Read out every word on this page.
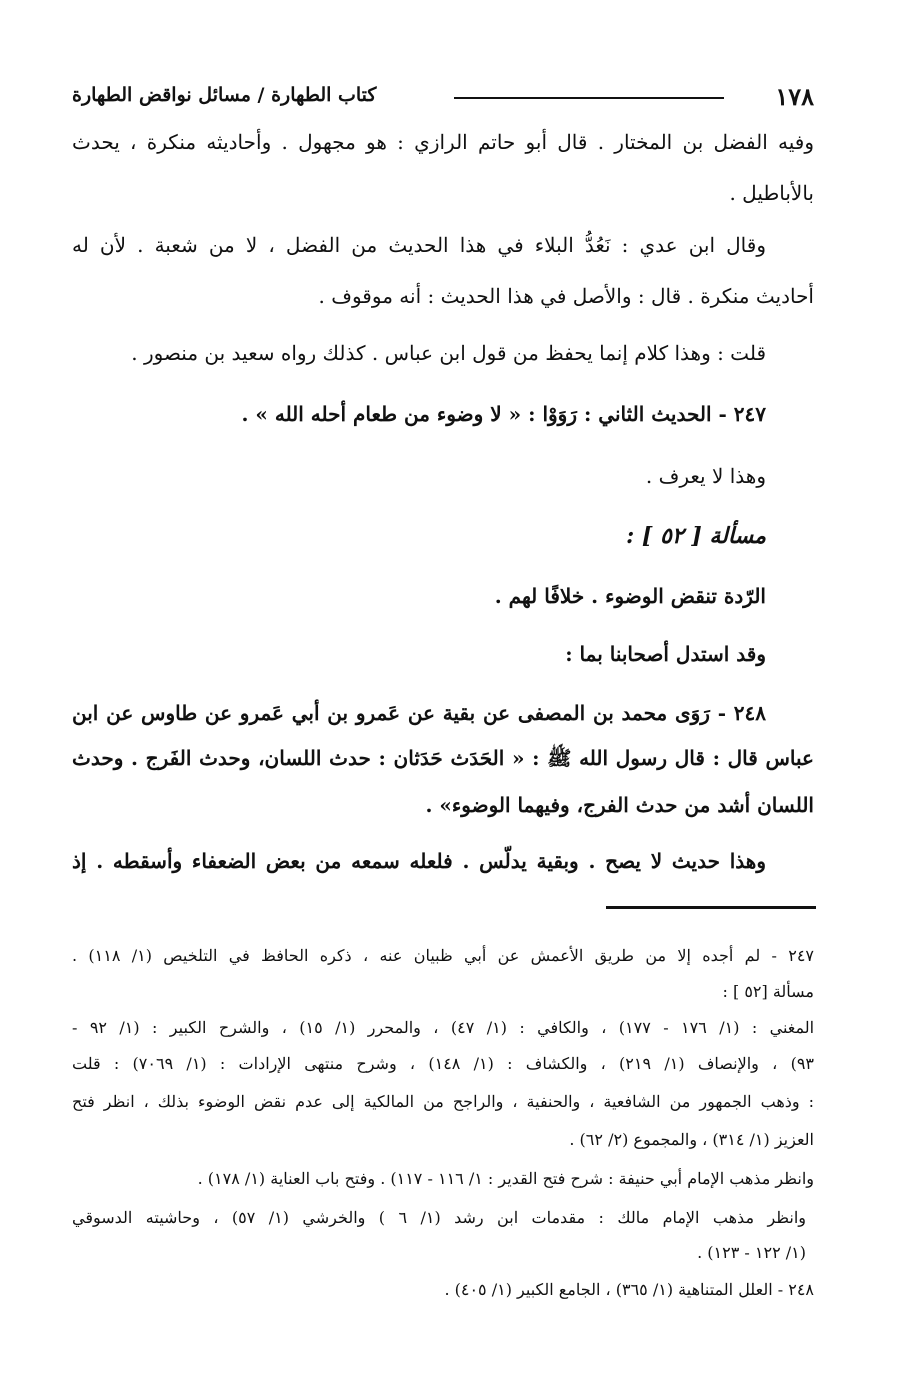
١٧٨
كتاب الطهارة / مسائل نواقض الطهارة
وفيه الفضل بن المختار . قال أبو حاتم الرازي : هو مجهول . وأحاديثه منكرة ، يحدث
بالأباطيل .
وقال ابن عدي : نَعُدُّ البلاء في هذا الحديث من الفضل ، لا من شعبة . لأن له
أحاديث منكرة . قال : والأصل في هذا الحديث : أنه موقوف .
قلت : وهذا كلام إنما يحفظ من قول ابن عباس . كذلك رواه سعيد بن منصور .
٢٤٧ - الحديث الثاني : رَوَوْا : « لا وضوء من طعام أحله الله » .
وهذا لا يعرف .
مسألة [ ٥٢ ] :
الرّدة تنقض الوضوء . خلافًا لهم .
وقد استدل أصحابنا بما :
٢٤٨ - رَوَى محمد بن المصفى عن بقية عن عَمرو بن أبي عَمرو عن طاوس عن ابن
عباس قال : قال رسول الله ﷺ : « الحَدَث حَدَثان : حدث اللسان، وحدث الفَرج . وحدث
اللسان أشد من حدث الفرج، وفيهما الوضوء» .
وهذا حديث لا يصح . وبقية يدلّس . فلعله سمعه من بعض الضعفاء وأسقطه . إذ
٢٤٧ - لم أجده إلا من طريق الأعمش عن أبي ظبيان عنه ، ذكره الحافظ في التلخيص (١/ ١١٨) .
مسألة [٥٢ ] :
المغني : (١/ ١٧٦ - ١٧٧) ، والكافي : (١/ ٤٧) ، والمحرر (١/ ١٥) ، والشرح الكبير : (١/ ٩٢ -
٩٣) ، والإنصاف (١/ ٢١٩) ، والكشاف : (١/ ١٤٨) ، وشرح منتهى الإرادات : (١/ ٧٠٦٩) : قلت
: وذهب الجمهور من الشافعية ، والحنفية ، والراجح من المالكية إلى عدم نقض الوضوء بذلك ، انظر فتح
العزيز (١/ ٣١٤) ، والمجموع (٢/ ٦٢) .
وانظر مذهب الإمام أبي حنيفة : شرح فتح القدير : ١/ ١١٦ - ١١٧) . وفتح باب العناية (١/ ١٧٨) .
وانظر مذهب الإمام مالك : مقدمات ابن رشد (١/ ٦ ) والخرشي (١/ ٥٧) ، وحاشيته الدسوقي
(١/ ١٢٢ - ١٢٣) .
٢٤٨ - العلل المتناهية (١/ ٣٦٥) ، الجامع الكبير (١/ ٤٠٥) .
